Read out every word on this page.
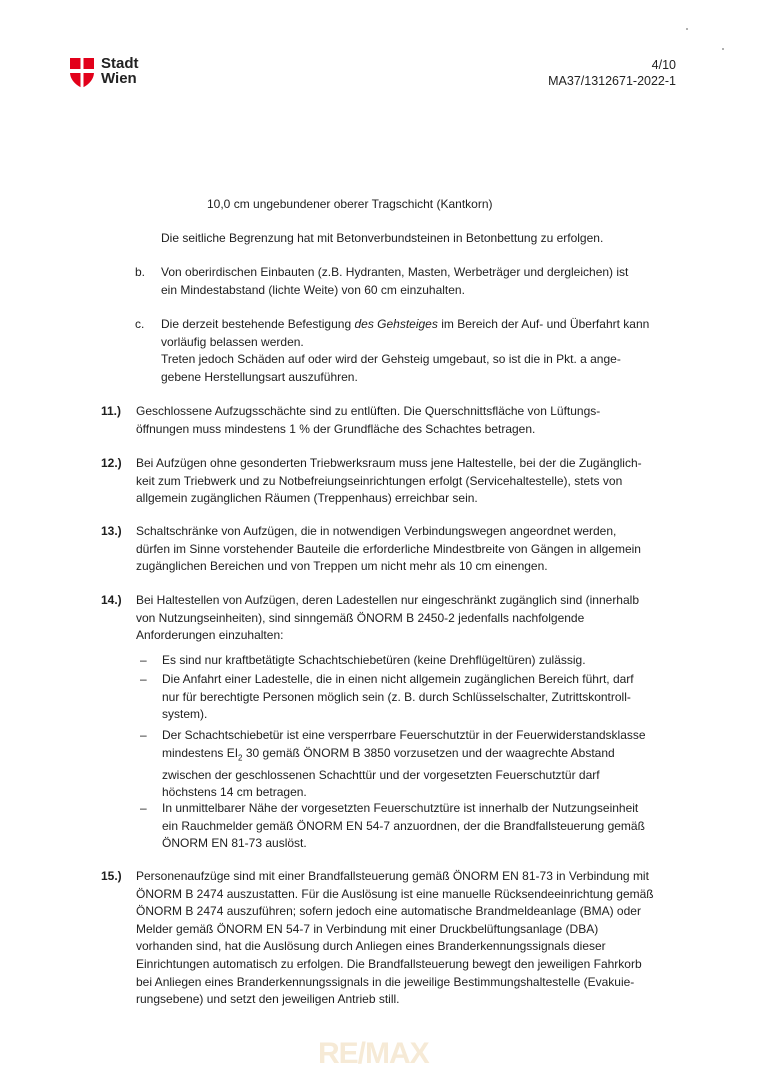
Stadt
Wien
4/10
MA37/1312671-2022-1
10,0 cm ungebundener oberer Tragschicht (Kantkorn)
Die seitliche Begrenzung hat mit Betonverbundsteinen in Betonbettung zu erfolgen.
b. Von oberirdischen Einbauten (z.B. Hydranten, Masten, Werbeträger und dergleichen) ist

ein Mindestabstand (lichte Weite) von 60 cm einzuhalten.

c. Die derzeit bestehende Befestigung des Gehsteiges im Bereich der Auf- und Überfahrt kann

vorläufig belassen werden.

Treten jedoch Schäden auf oder wird der Gehsteig umgebaut, so ist die in Pkt. a ange-

gebene Herstellungsart auszuführen.

11.) Geschlossene Aufzugsschächte sind zu entlüften. Die Querschnittsfläche von Lüftungs-

öffnungen muss mindestens 1 % der Grundfläche des Schachtes betragen.

12.) Bei Aufzügen ohne gesonderten Triebwerksraum muss jene Haltestelle, bei der die Zugänglich-

keit zum Triebwerk und zu Notbefreiungseinrichtungen erfolgt (Servicehaltestelle), stets von

allgemein zugänglichen Räumen (Treppenhaus) erreichbar sein.

13.) Schaltschränke von Aufzügen, die in notwendigen Verbindungswegen angeordnet werden,

dürfen im Sinne vorstehender Bauteile die erforderliche Mindestbreite von Gängen in allgemein

zugänglichen Bereichen und von Treppen um nicht mehr als 10 cm einengen.

14.) Bei Haltestellen von Aufzügen, deren Ladestellen nur eingeschränkt zugänglich sind (innerhalb

von Nutzungseinheiten), sind sinngemäß ÖNORM B 2450-2 jedenfalls nachfolgende

Anforderungen einzuhalten:

– Es sind nur kraftbetätigte Schachtschiebetüren (keine Drehflügeltüren) zulässig.

– Die Anfahrt einer Ladestelle, die in einen nicht allgemein zugänglichen Bereich führt, darf

nur für berechtigte Personen möglich sein (z. B. durch Schlüsselschalter, Zutrittskontroll-

system).

– Der Schachtschiebetür ist eine versperrbare Feuerschutztür in der Feuerwiderstandsklasse

mindestens $EI_2$ 30 gemäß ÖNORM B 3850 vorzusetzen und der waagrechte Abstand

zwischen der geschlossenen Schachttür und der vorgesetzten Feuerschutztür darf

höchstens 14 cm betragen.

– In unmittelbarer Nähe der vorgesetzten Feuerschutztüre ist innerhalb der Nutzungseinheit

ein Rauchmelder gemäß ÖNORM EN 54-7 anzuordnen, der die Brandfallsteuerung gemäß

ÖNORM EN 81-73 auslöst.

15.) Personenaufzüge sind mit einer Brandfallsteuerung gemäß ÖNORM EN 81-73 in Verbindung mit

ÖNORM B 2474 auszustatten. Für die Auslösung ist eine manuelle Rücksendeeinrichtung gemäß

ÖNORM B 2474 auszuführen; sofern jedoch eine automatische Brandmeldeanlage (BMA) oder

Melder gemäß ÖNORM EN 54-7 in Verbindung mit einer Druckbelüftungsanlage (DBA)

vorhanden sind, hat die Auslösung durch Anliegen eines Branderkennungssignals dieser

Einrichtungen automatisch zu erfolgen. Die Brandfallsteuerung bewegt den jeweiligen Fahrkorb

bei Anliegen eines Branderkennungssignals in die jeweilige Bestimmungshaltestelle (Evakuie-

rungsebene) und setzt den jeweiligen Antrieb still.

RE/MAX
